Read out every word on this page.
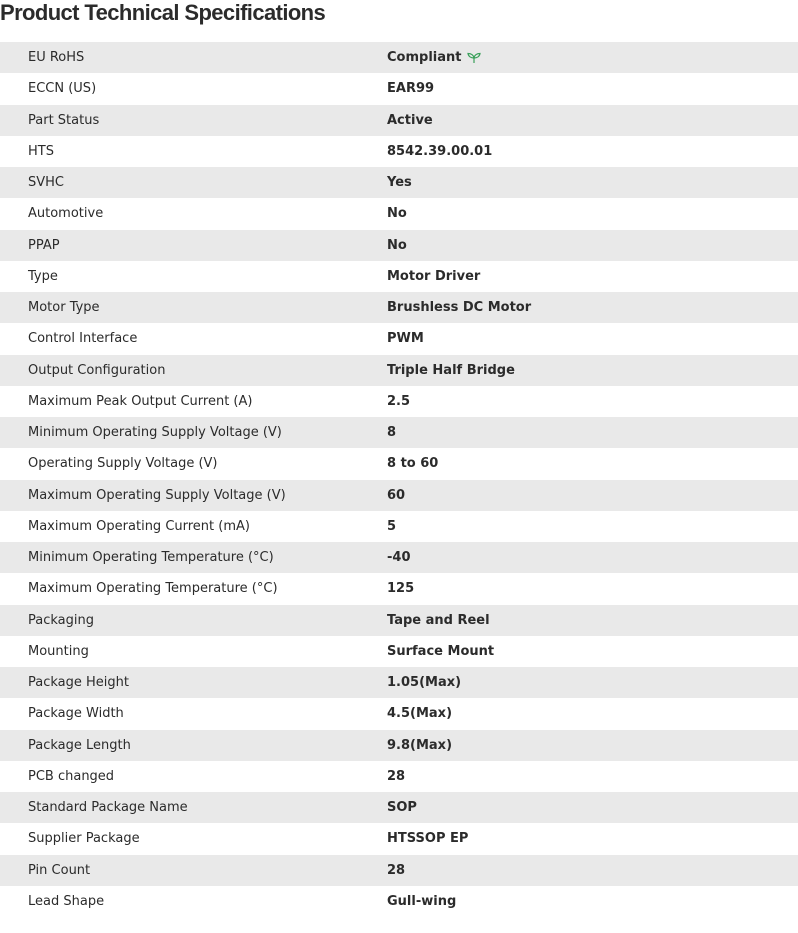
Product Technical Specifications
EU RoHS	Compliant
ECCN (US)	EAR99
Part Status	Active
HTS	8542.39.00.01
SVHC	Yes
Automotive	No
PPAP	No
Type	Motor Driver
Motor Type	Brushless DC Motor
Control Interface	PWM
Output Configuration	Triple Half Bridge
Maximum Peak Output Current (A)	2.5
Minimum Operating Supply Voltage (V)	8
Operating Supply Voltage (V)	8 to 60
Maximum Operating Supply Voltage (V)	60
Maximum Operating Current (mA)	5
Minimum Operating Temperature (°C)	-40
Maximum Operating Temperature (°C)	125
Packaging	Tape and Reel
Mounting	Surface Mount
Package Height	1.05(Max)
Package Width	4.5(Max)
Package Length	9.8(Max)
PCB changed	28
Standard Package Name	SOP
Supplier Package	HTSSOP EP
Pin Count	28
Lead Shape	Gull-wing
